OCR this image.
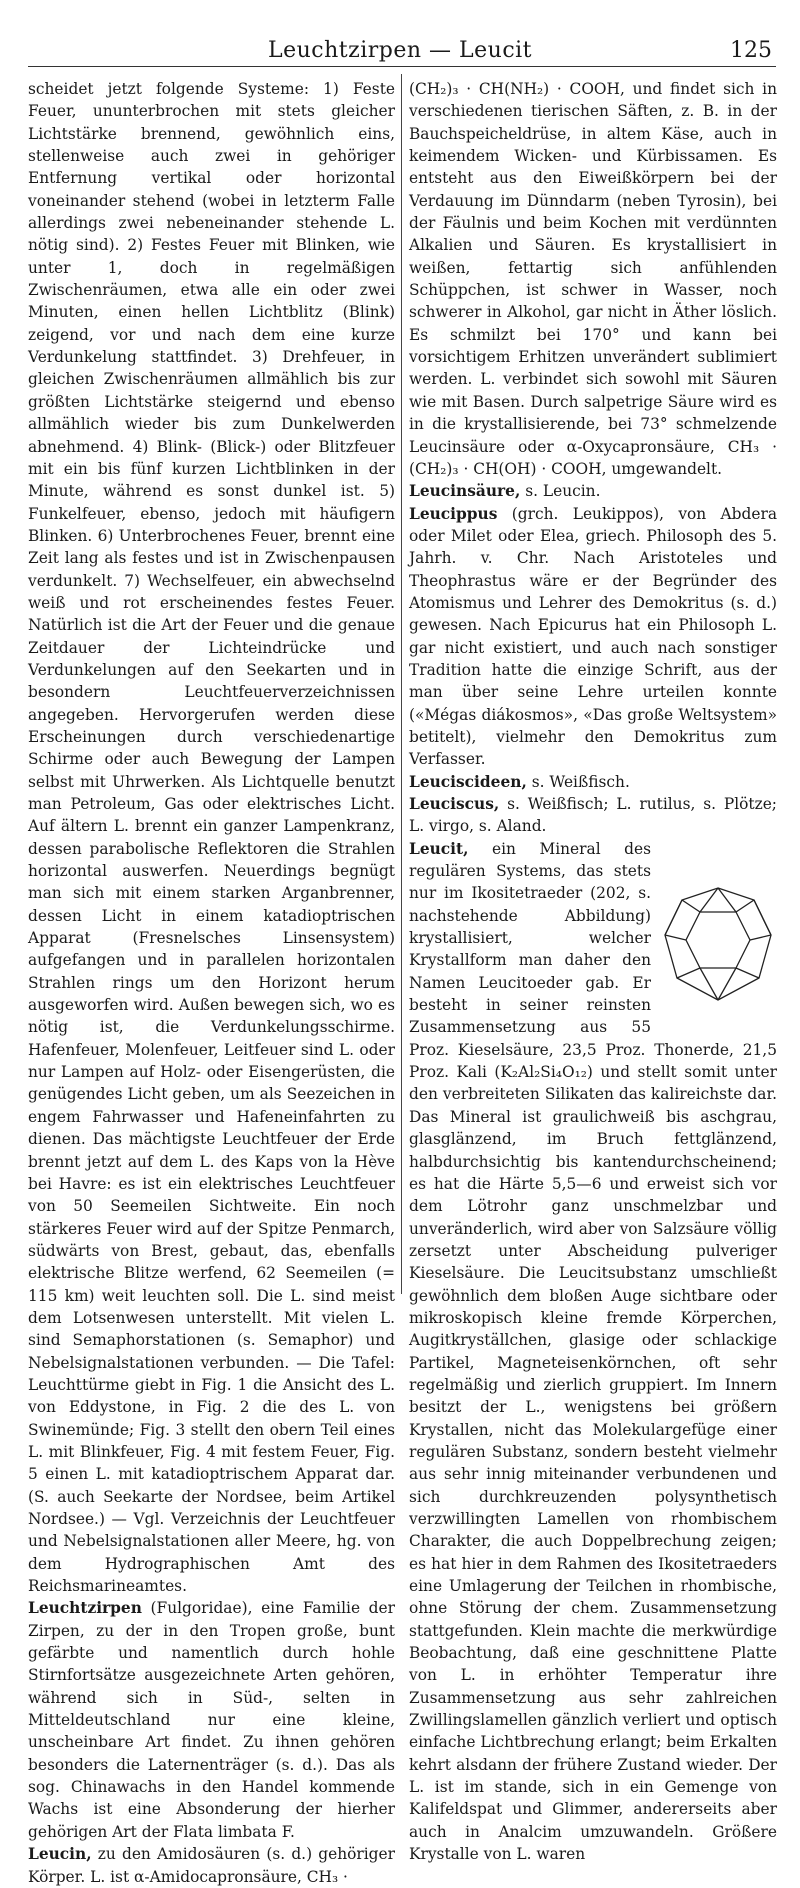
Leuchtzirpen — Leucit	125

scheidet jetzt folgende Systeme: 1) Feste Feuer, ununterbrochen mit stets gleicher Lichtstärke brennend, gewöhnlich eins, stellenweise auch zwei in gehöriger Entfernung vertikal oder horizontal voneinander stehend (wobei in letzterm Falle allerdings zwei nebeneinander stehende L. nötig sind). 2) Festes Feuer mit Blinken, wie unter 1, doch in regelmäßigen Zwischenräumen, etwa alle ein oder zwei Minuten, einen hellen Lichtblitz (Blink) zeigend, vor und nach dem eine kurze Verdunkelung stattfindet. 3) Drehfeuer, in gleichen Zwischenräumen allmählich bis zur größten Lichtstärke steigernd und ebenso allmählich wieder bis zum Dunkelwerden abnehmend. 4) Blink- (Blick-) oder Blitzfeuer mit ein bis fünf kurzen Lichtblinken in der Minute, während es sonst dunkel ist. 5) Funkelfeuer, ebenso, jedoch mit häufigern Blinken. 6) Unterbrochenes Feuer, brennt eine Zeit lang als festes und ist in Zwischenpausen verdunkelt. 7) Wechselfeuer, ein abwechselnd weiß und rot erscheinendes festes Feuer. Natürlich ist die Art der Feuer und die genaue Zeitdauer der Lichteindrücke und Verdunkelungen auf den Seekarten und in besondern Leuchtfeuerverzeichnissen angegeben. Hervorgerufen werden diese Erscheinungen durch verschiedenartige Schirme oder auch Bewegung der Lampen selbst mit Uhrwerken. Als Lichtquelle benutzt man Petroleum, Gas oder elektrisches Licht. Auf ältern L. brennt ein ganzer Lampenkranz, dessen parabolische Reflektoren die Strahlen horizontal auswerfen. Neuerdings begnügt man sich mit einem starken Arganbrenner, dessen Licht in einem katadioptrischen Apparat (Fresnelsches Linsensystem) aufgefangen und in parallelen horizontalen Strahlen rings um den Horizont herum ausgeworfen wird. Außen bewegen sich, wo es nötig ist, die Verdunkelungsschirme. Hafenfeuer, Molenfeuer, Leitfeuer sind L. oder nur Lampen auf Holz- oder Eisengerüsten, die genügendes Licht geben, um als Seezeichen in engem Fahrwasser und Hafeneinfahrten zu dienen. Das mächtigste Leuchtfeuer der Erde brennt jetzt auf dem L. des Kaps von la Hève bei Havre: es ist ein elektrisches Leuchtfeuer von 50 Seemeilen Sichtweite. Ein noch stärkeres Feuer wird auf der Spitze Penmarch, südwärts von Brest, gebaut, das, ebenfalls elektrische Blitze werfend, 62 Seemeilen (= 115 km) weit leuchten soll. Die L. sind meist dem Lotsenwesen unterstellt. Mit vielen L. sind Semaphorstationen (s. Semaphor) und Nebelsignalstationen verbunden. — Die Tafel: Leuchttürme giebt in Fig. 1 die Ansicht des L. von Eddystone, in Fig. 2 die des L. von Swinemünde; Fig. 3 stellt den obern Teil eines L. mit Blinkfeuer, Fig. 4 mit festem Feuer, Fig. 5 einen L. mit katadioptrischem Apparat dar. (S. auch Seekarte der Nordsee, beim Artikel Nordsee.) — Vgl. Verzeichnis der Leuchtfeuer und Nebelsignalstationen aller Meere, hg. von dem Hydrographischen Amt des Reichsmarineamtes.

Leuchtzirpen (Fulgoridae), eine Familie der Zirpen, zu der in den Tropen große, bunt gefärbte und namentlich durch hohle Stirnfortsätze ausgezeichnete Arten gehören, während sich in Süd-, selten in Mitteldeutschland nur eine kleine, unscheinbare Art findet. Zu ihnen gehören besonders die Laternenträger (s. d.). Das als sog. Chinawachs in den Handel kommende Wachs ist eine Absonderung der hierher gehörigen Art der Flata limbata F.

Leucin, zu den Amidosäuren (s. d.) gehöriger Körper. L. ist α-Amidocapronsäure, CH₃ ·

(CH₂)₃ · CH(NH₂) · COOH, und findet sich in verschiedenen tierischen Säften, z. B. in der Bauchspeicheldrüse, in altem Käse, auch in keimendem Wicken- und Kürbissamen. Es entsteht aus den Eiweißkörpern bei der Verdauung im Dünndarm (neben Tyrosin), bei der Fäulnis und beim Kochen mit verdünnten Alkalien und Säuren. Es krystallisiert in weißen, fettartig sich anfühlenden Schüppchen, ist schwer in Wasser, noch schwerer in Alkohol, gar nicht in Äther löslich. Es schmilzt bei 170° und kann bei vorsichtigem Erhitzen unverändert sublimiert werden. L. verbindet sich sowohl mit Säuren wie mit Basen. Durch salpetrige Säure wird es in die krystallisierende, bei 73° schmelzende Leucinsäure oder α-Oxycapronsäure, CH₃ · (CH₂)₃ · CH(OH) · COOH, umgewandelt.

Leucinsäure, s. Leucin.

Leucippus (grch. Leukippos), von Abdera oder Milet oder Elea, griech. Philosoph des 5. Jahrh. v. Chr. Nach Aristoteles und Theophrastus wäre er der Begründer des Atomismus und Lehrer des Demokritus (s. d.) gewesen. Nach Epicurus hat ein Philosoph L. gar nicht existiert, und auch nach sonstiger Tradition hatte die einzige Schrift, aus der man über seine Lehre urteilen konnte («Mégas diákosmos», «Das große Weltsystem» betitelt), vielmehr den Demokritus zum Verfasser.

Leuciscideen, s. Weißfisch.

Leuciscus, s. Weißfisch; L. rutilus, s. Plötze; L. virgo, s. Aland.

Leucit, ein Mineral des regulären Systems, das stets nur im Ikositetraeder (202, s. nachstehende Abbildung) krystallisiert, welcher Krystallform man daher den Namen Leucitoeder gab. Er besteht in seiner reinsten Zusammensetzung aus 55 Proz. Kieselsäure, 23,5 Proz. Thonerde, 21,5 Proz. Kali (K₂Al₂Si₄O₁₂) und stellt somit unter den verbreiteten Silikaten das kalireichste dar. Das Mineral ist graulichweiß bis aschgrau, glasglänzend, im Bruch fettglänzend, halbdurchsichtig bis kantendurchscheinend; es hat die Härte 5,5—6 und erweist sich vor dem Lötrohr ganz unschmelzbar und unveränderlich, wird aber von Salzsäure völlig zersetzt unter Abscheidung pulveriger Kieselsäure. Die Leucitsubstanz umschließt gewöhnlich dem bloßen Auge sichtbare oder mikroskopisch kleine fremde Körperchen, Augitkryställchen, glasige oder schlackige Partikel, Magneteisenkörnchen, oft sehr regelmäßig und zierlich gruppiert. Im Innern besitzt der L., wenigstens bei größern Krystallen, nicht das Molekulargefüge einer regulären Substanz, sondern besteht vielmehr aus sehr innig miteinander verbundenen und sich durchkreuzenden polysynthetisch verzwillingten Lamellen von rhombischem Charakter, die auch Doppelbrechung zeigen; es hat hier in dem Rahmen des Ikositetraeders eine Umlagerung der Teilchen in rhombische, ohne Störung der chem. Zusammensetzung stattgefunden. Klein machte die merkwürdige Beobachtung, daß eine geschnittene Platte von L. in erhöhter Temperatur ihre Zusammensetzung aus sehr zahlreichen Zwillingslamellen gänzlich verliert und optisch einfache Lichtbrechung erlangt; beim Erkalten kehrt alsdann der frühere Zustand wieder. Der L. ist im stande, sich in ein Gemenge von Kalifeldspat und Glimmer, andererseits aber auch in Analcim umzuwandeln. Größere Krystalle von L. waren
